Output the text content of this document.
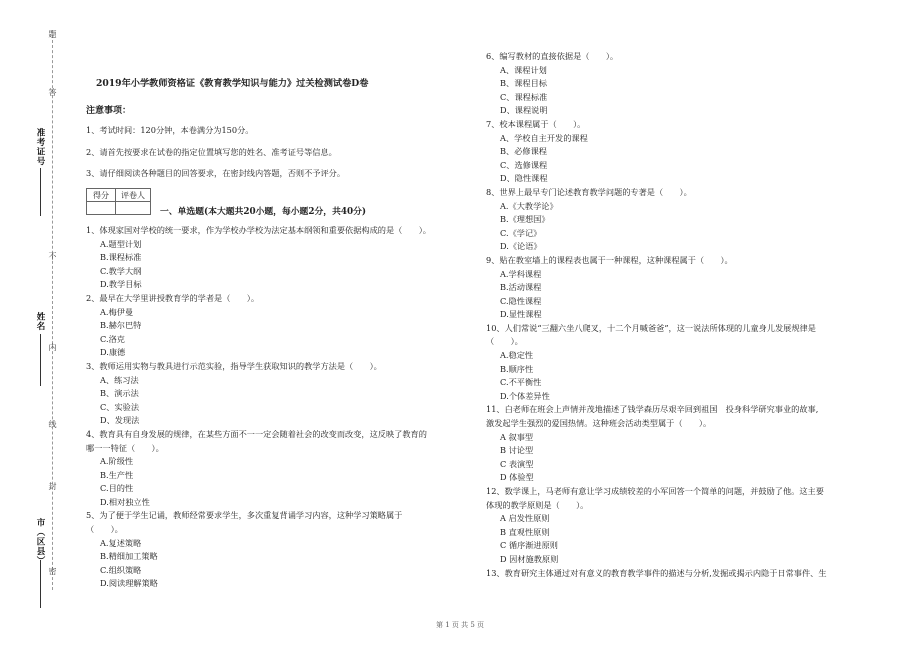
题
答
不
内
线
封
密
准考证号
姓名
市（区县）
2019年小学教师资格证《教育教学知识与能力》过关检测试卷D卷
注意事项：
1、考试时间：120分钟，本卷满分为150分。
2、请首先按要求在试卷的指定位置填写您的姓名、准考证号等信息。
3、请仔细阅读各种题目的回答要求，在密封线内答题，否则不予评分。
得分	评卷人

一、单选题(本大题共20小题，每小题2分，共40分)
1、体现家国对学校的统一要求，作为学校办学校为法定基本纲领和重要依据构成的是（　　）。
A.题型计划
B.课程标准
C.教学大纲
D.教学目标
2、最早在大学里讲授教育学的学者是（　　）。
A.梅伊曼
B.赫尔巴特
C.洛克
D.康德
3、教师运用实物与教具进行示范实验，指导学生获取知识的教学方法是（　　）。
A、练习法
B、演示法
C、实验法
D、发现法
4、教育具有自身发展的规律，在某些方面不一一定会随着社会的改变而改变，这反映了教育的
哪一一特征（　　）。
A.阶级性
B.生产性
C.目的性
D.相对独立性
5、为了便于学生记诵，教师经常要求学生，多次重复背诵学习内容，这种学习策略属于
（　　）。
A.复述策略
B.精细加工策略
C.组织策略
D.阅读理解策略
6、编写教材的直接依据是（　　）。
A、课程计划
B、课程目标
C、课程标准
D、课程说明
7、校本课程属于（　　）。
A、学校自主开发的课程
B、必修课程
C、选修课程
D、隐性课程
8、世界上最早专门论述教育教学问题的专著是（　　）。
A.《大教学论》
B.《理想国》
C.《学记》
D.《论语》
9、贴在教室墙上的课程表也属于一种课程，这种课程属于（　　）。
A.学科课程
B.活动课程
C.隐性课程
D.显性课程
10、人们常说“三翻六坐八爬叉，十二个月喊爸爸”，这一说法所体现的儿童身儿发展规律是
（　　）。
A.稳定性
B.顺序性
C.不平衡性
D.个体差异性
11、白老师在班会上声情并茂地描述了钱学森历尽艰辛回到祖国　投身科学研究事业的故事,
激发起学生强烈的爱国热情。这种班会活动类型属于（　　）。
A 叙事型
B 讨论型
C 表演型
D 体验型
12、数学课上，马老师有意让学习成绩较差的小军回答一个简单的问题，并鼓励了他。这主要
体现的教学原则是（　　）。
A 启发性原则
B 直观性原则
C 循序渐进原则
D 因材施教原则
13、教育研究主体通过对有意义的教育教学事件的描述与分析,发掘或揭示内隐于日常事件、生
第 1 页 共 5 页
